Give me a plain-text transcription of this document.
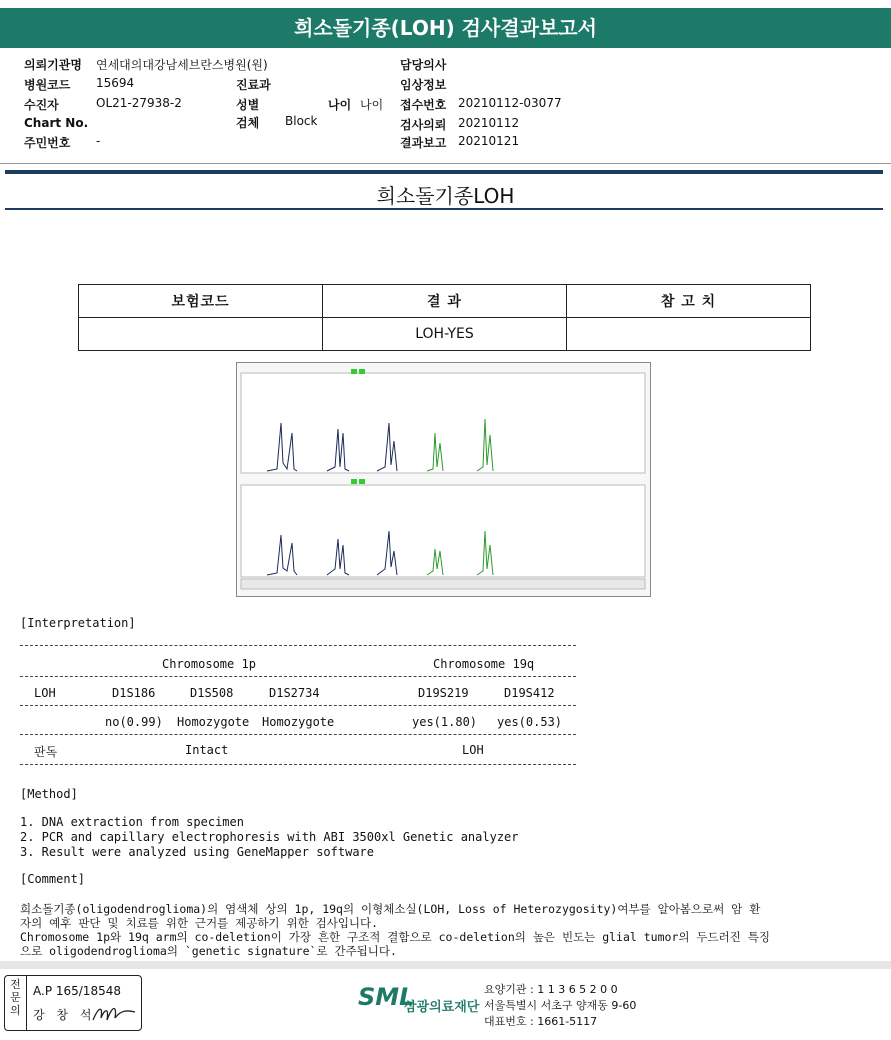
희소돌기종(LOH) 검사결과보고서
의뢰기관명 연세대의대강남세브란스병원(원)
병원코드 15694
수진자	OL21-27938-2
Chart No.
주민번호 -
진료과
성별	나이 나이
검체 Block
담당의사
임상정보
접수번호 20210112-03077
검사의뢰 20210112
결과보고 20210121
희소돌기종LOH
보험코드	결 과	참 고 치
	LOH-YES	
[Interpretation]
Chromosome 1p	Chromosome 19q
LOH	D1S186	D1S508	D1S2734	D19S219	D19S412
no(0.99) Homozygote Homozygote	yes(1.80) yes(0.53)
판독	Intact	LOH
[Method]
1. DNA extraction from specimen
2. PCR and capillary electrophoresis with ABI 3500xl Genetic analyzer
3. Result were analyzed using GeneMapper software
[Comment]
희소돌기종(oligodendroglioma)의 염색체 상의 1p, 19q의 이형체소실(LOH, Loss of Heterozygosity)여부를 알아봄으로써 암 환
자의 예후 판단 및 치료를 위한 근거를 제공하기 위한 검사입니다.
Chromosome 1p와 19q arm의 co-deletion이 가장 흔한 구조적 결함으로 co-deletion의 높은 빈도는 glial tumor의 두드러진 특징
으로 oligodendroglioma의 `genetic signature`로 간주됩니다.
전문의
A.P 165/18548
강 창 석
SML
삼광의료재단
요양기관 : 1 1 3 6 5 2 0 0
서울특별시 서초구 양재동 9-60
대표번호 : 1661-5117
